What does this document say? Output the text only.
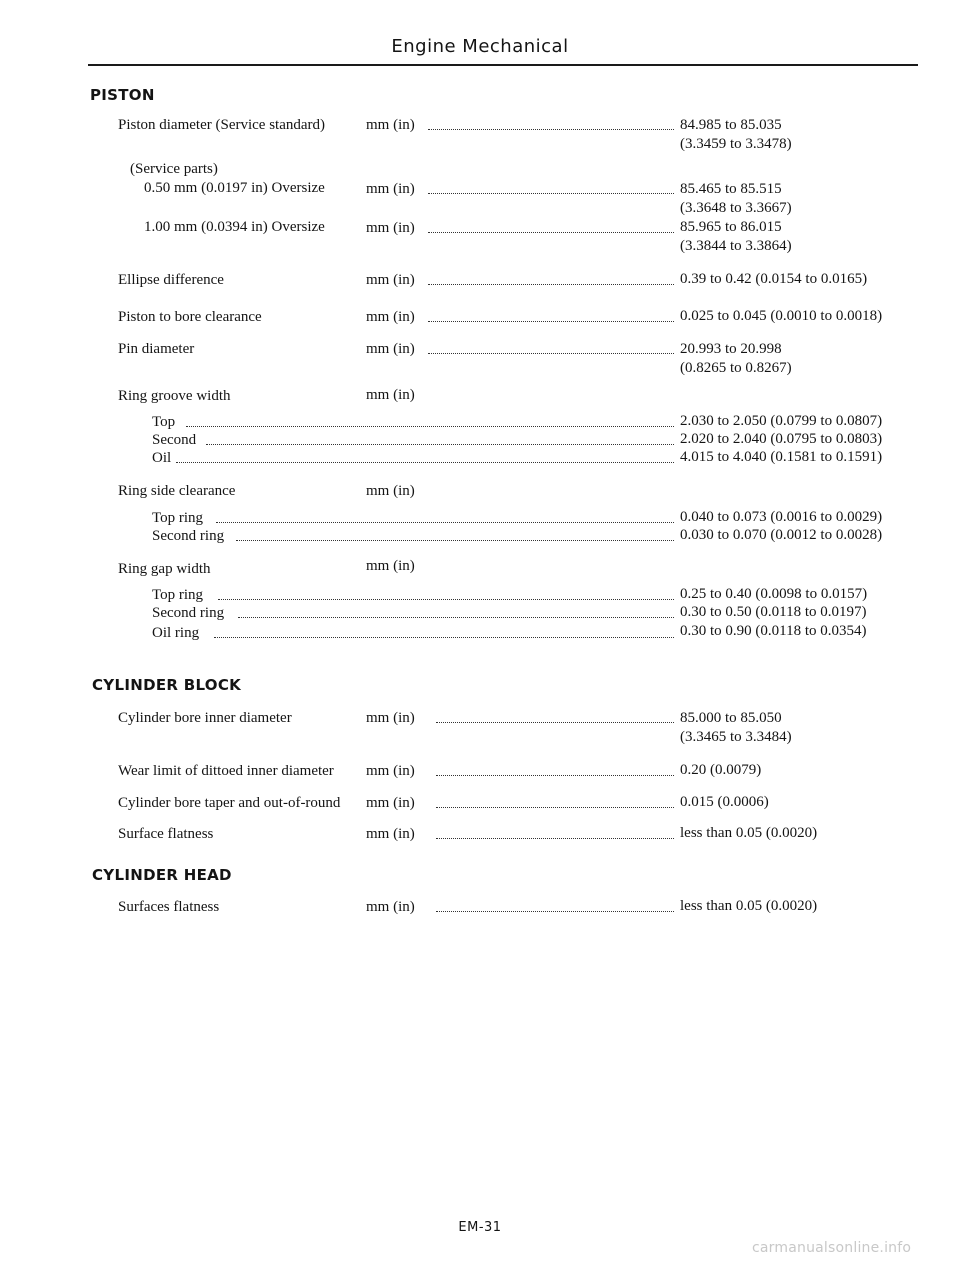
Engine Mechanical
PISTON
Piston diameter (Service standard)	mm (in)	84.985 to 85.035
(3.3459 to 3.3478)
(Service parts)
0.50 mm (0.0197 in) Oversize	mm (in)	85.465 to 85.515
(3.3648 to 3.3667)
1.00 mm (0.0394 in) Oversize	mm (in)	85.965 to 86.015
(3.3844 to 3.3864)
Ellipse difference	mm (in)	0.39 to 0.42 (0.0154 to 0.0165)
Piston to bore clearance	mm (in)	0.025 to 0.045 (0.0010 to 0.0018)
Pin diameter	mm (in)	20.993 to 20.998
(0.8265 to 0.8267)
Ring groove width	mm (in)
Top	2.030 to 2.050 (0.0799 to 0.0807)
Second	2.020 to 2.040 (0.0795 to 0.0803)
Oil	4.015 to 4.040 (0.1581 to 0.1591)
Ring side clearance	mm (in)
Top ring	0.040 to 0.073 (0.0016 to 0.0029)
Second ring	0.030 to 0.070 (0.0012 to 0.0028)
Ring gap width	mm (in)
Top ring	0.25 to 0.40 (0.0098 to 0.0157)
Second ring	0.30 to 0.50 (0.0118 to 0.0197)
Oil ring	0.30 to 0.90 (0.0118 to 0.0354)
CYLINDER BLOCK
Cylinder bore inner diameter	mm (in)	85.000 to 85.050
(3.3465 to 3.3484)
Wear limit of dittoed inner diameter mm (in)	0.20 (0.0079)
Cylinder bore taper and out-of-round mm (in)	0.015 (0.0006)
Surface flatness	mm (in)	less than 0.05 (0.0020)
CYLINDER HEAD
Surfaces flatness	mm (in)	less than 0.05 (0.0020)
EM-31
carmanualsonline.info
